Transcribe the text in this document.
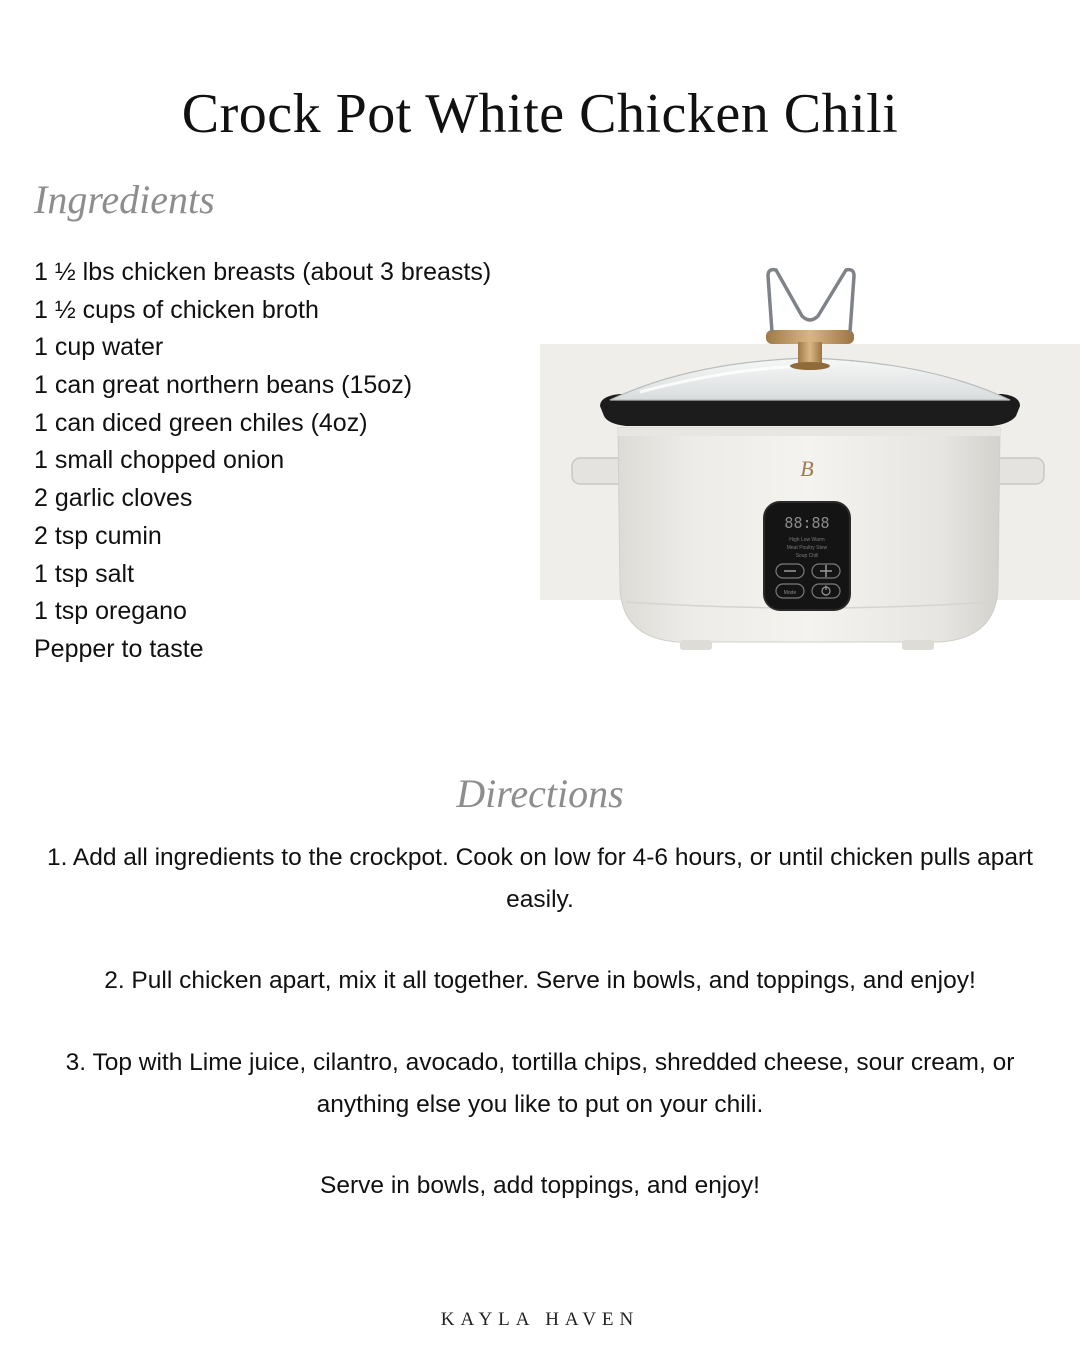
Crock Pot White Chicken Chili
Ingredients
1 ½ lbs chicken breasts (about 3 breasts)
1 ½ cups of chicken broth
1 cup water
1 can great northern beans (15oz)
1 can diced green chiles (4oz)
1 small chopped onion
2 garlic cloves
2 tsp cumin
1 tsp salt
1 tsp oregano
Pepper to taste
B
88:88
High Low Warm
Meat Poultry Stew
Soup Chili
Mode
Directions

1. Add all ingredients to the crockpot. Cook on low for 4-6 hours, or until chicken pulls apart easily.

2. Pull chicken apart, mix it all together. Serve in bowls, and toppings, and enjoy!

3. Top with Lime juice, cilantro, avocado, tortilla chips, shredded cheese, sour cream, or anything else you like to put on your chili.

Serve in bowls, add toppings, and enjoy!

KAYLA HAVEN
